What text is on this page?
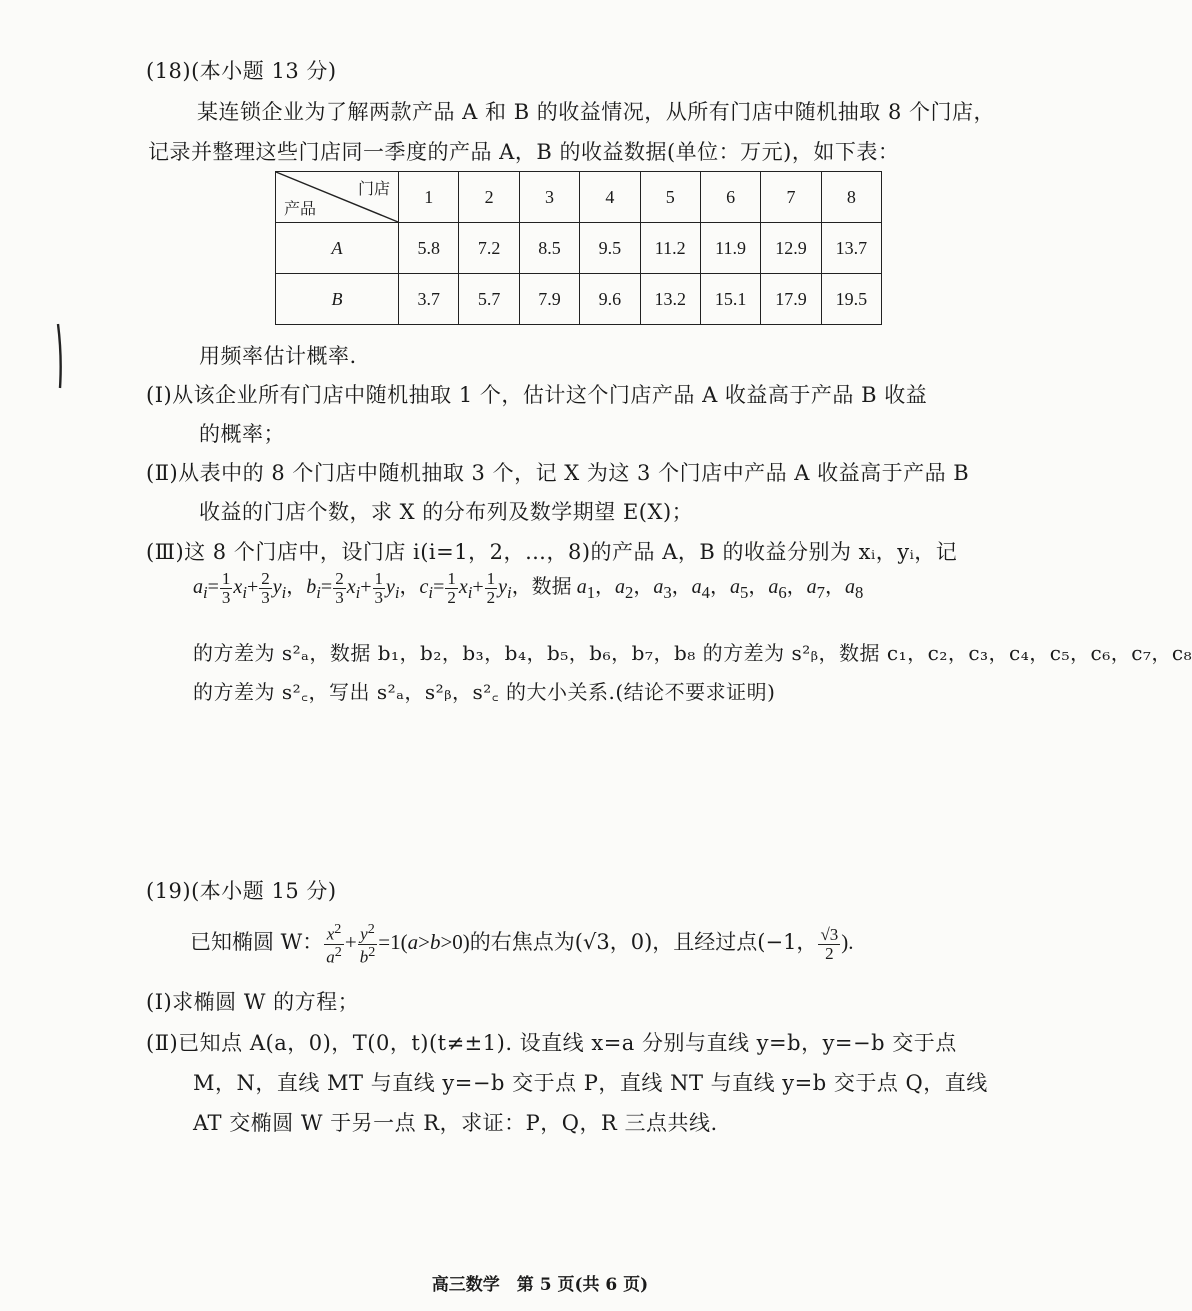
(18)(本小题 13 分)
某连锁企业为了解两款产品 A 和 B 的收益情况，从所有门店中随机抽取 8 个门店，
记录并整理这些门店同一季度的产品 A，B 的收益数据(单位：万元)，如下表：
门店
产品	1	2	3	4	5	6	7	8
A	5.8	7.2	8.5	9.5	11.2	11.9	12.9	13.7
B	3.7	5.7	7.9	9.6	13.2	15.1	17.9	19.5
用频率估计概率.
(Ⅰ)从该企业所有门店中随机抽取 1 个，估计这个门店产品 A 收益高于产品 B 收益
的概率；
(Ⅱ)从表中的 8 个门店中随机抽取 3 个，记 X 为这 3 个门店中产品 A 收益高于产品 B
收益的门店个数，求 X 的分布列及数学期望 E(X)；
(Ⅲ)这 8 个门店中，设门店 i(i=1，2，…，8)的产品 A，B 的收益分别为 xᵢ，yᵢ，记
$a_i= \frac{1}{3} x_i+ \frac{2}{3} y_i$，$b_i= \frac{2}{3} x_i+ \frac{1}{3} y_i$，$c_i= \frac{1}{2} x_i+ \frac{1}{2} y_i$，数据 $a_1$，$a_2$，$a_3$，$a_4$，$a_5$，$a_6$，$a_7$，$a_8$
的方差为 s²ₐ，数据 b₁，b₂，b₃，b₄，b₅，b₆，b₇，b₈ 的方差为 s²ᵦ，数据 c₁，c₂，c₃，c₄，c₅，c₆，c₇，c₈
的方差为 s²꜀，写出 s²ₐ，s²ᵦ，s²꜀ 的大小关系.(结论不要求证明)
(19)(本小题 15 分)
已知椭圆 W： $\frac{x^2}{a^2} + \frac{y^2}{b^2} =1(a>b>0)$的右焦点为(√3，0)，且经过点(−1， $\frac{√3}{2}$ ).
(Ⅰ)求椭圆 W 的方程；
(Ⅱ)已知点 A(a，0)，T(0，t)(t≠±1). 设直线 x=a 分别与直线 y=b，y=−b 交于点
M，N，直线 MT 与直线 y=−b 交于点 P，直线 NT 与直线 y=b 交于点 Q，直线
AT 交椭圆 W 于另一点 R，求证：P，Q，R 三点共线.
高三数学　第 5 页(共 6 页)
